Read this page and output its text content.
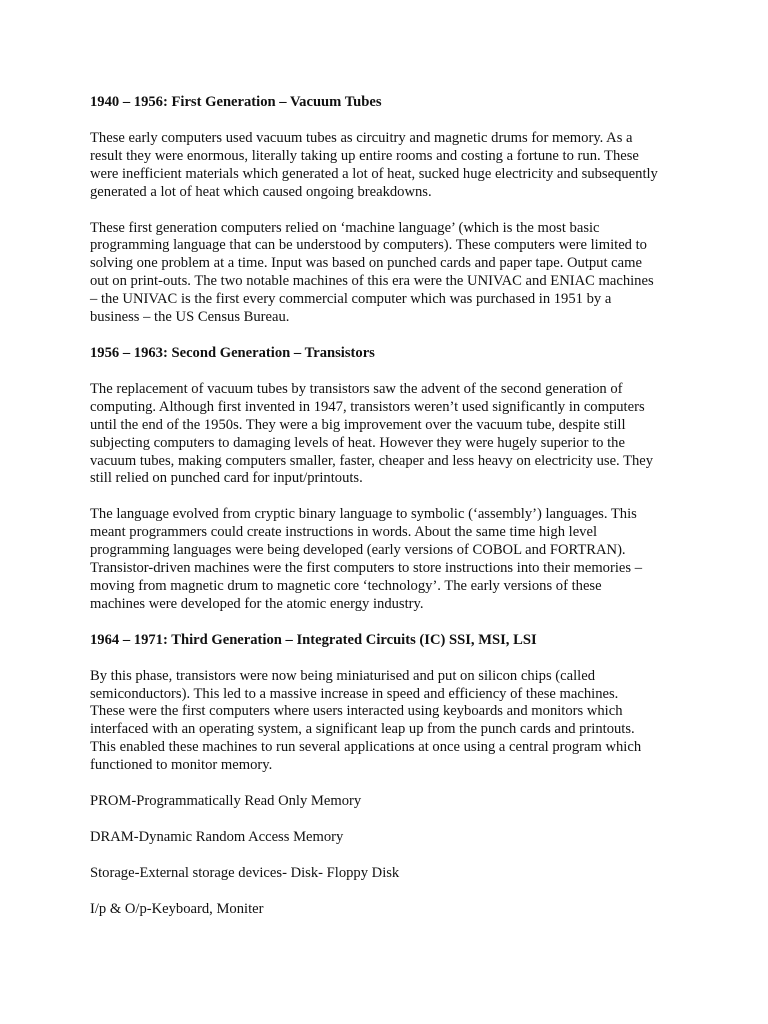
1940 – 1956: First Generation – Vacuum Tubes
These early computers used vacuum tubes as circuitry and magnetic drums for memory. As a
result they were enormous, literally taking up entire rooms and costing a fortune to run. These
were inefficient materials which generated a lot of heat, sucked huge electricity and subsequently
generated a lot of heat which caused ongoing breakdowns.
These first generation computers relied on ‘machine language’ (which is the most basic
programming language that can be understood by computers). These computers were limited to
solving one problem at a time. Input was based on punched cards and paper tape. Output came
out on print-outs. The two notable machines of this era were the UNIVAC and ENIAC machines
– the UNIVAC is the first every commercial computer which was purchased in 1951 by a
business – the US Census Bureau.
1956 – 1963: Second Generation – Transistors
The replacement of vacuum tubes by transistors saw the advent of the second generation of
computing. Although first invented in 1947, transistors weren’t used significantly in computers
until the end of the 1950s. They were a big improvement over the vacuum tube, despite still
subjecting computers to damaging levels of heat. However they were hugely superior to the
vacuum tubes, making computers smaller, faster, cheaper and less heavy on electricity use. They
still relied on punched card for input/printouts.
The language evolved from cryptic binary language to symbolic (‘assembly’) languages. This
meant programmers could create instructions in words. About the same time high level
programming languages were being developed (early versions of COBOL and FORTRAN).
Transistor-driven machines were the first computers to store instructions into their memories –
moving from magnetic drum to magnetic core ‘technology’. The early versions of these
machines were developed for the atomic energy industry.
1964 – 1971: Third Generation – Integrated Circuits (IC) SSI, MSI, LSI
By this phase, transistors were now being miniaturised and put on silicon chips (called
semiconductors). This led to a massive increase in speed and efficiency of these machines.
These were the first computers where users interacted using keyboards and monitors which
interfaced with an operating system, a significant leap up from the punch cards and printouts.
This enabled these machines to run several applications at once using a central program which
functioned to monitor memory.
PROM-Programmatically Read Only Memory
DRAM-Dynamic Random Access Memory
Storage-External storage devices- Disk- Floppy Disk
I/p & O/p-Keyboard, Moniter
